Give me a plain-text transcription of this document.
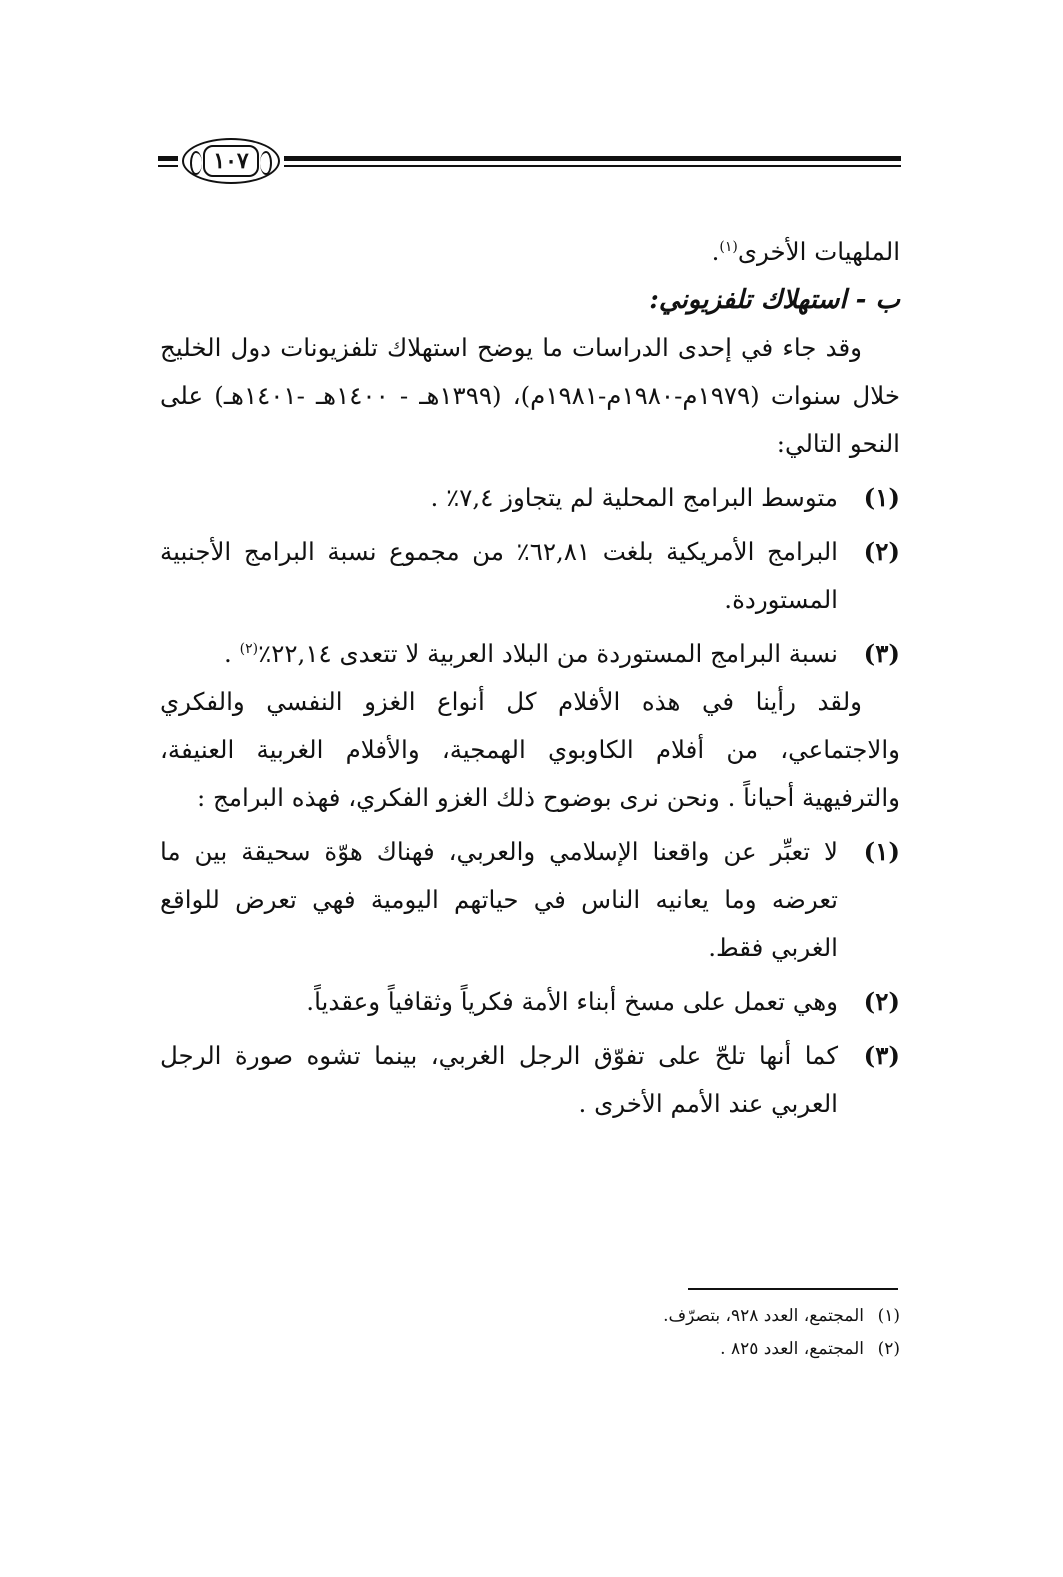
١٠٧

الملهيات الأخرى$^{(١)}$.

ب - استهلاك تلفزيوني:

وقد جاء في إحدى الدراسات ما يوضح استهلاك تلفزيونات دول الخليج خلال سنوات (١٩٧٩م-١٩٨٠م-١٩٨١م)، (١٣٩٩هـ - ١٤٠٠هـ -١٤٠١هـ) على النحو التالي:

(١)
متوسط البرامج المحلية لم يتجاوز ٧,٤٪ .
(٢)
البرامج الأمريكية بلغت ٦٢,٨١٪ من مجموع نسبة البرامج الأجنبية المستوردة.
(٣)
نسبة البرامج المستوردة من البلاد العربية لا تتعدى ٢٢,١٤٪$^{(٢)}$ .

ولقد رأينا في هذه الأفلام كل أنواع الغزو النفسي والفكري والاجتماعي، من أفلام الكاوبوي الهمجية، والأفلام الغربية العنيفة، والترفيهية أحياناً . ونحن نرى بوضوح ذلك الغزو الفكري، فهذه البرامج :

(١)
لا تعبِّر عن واقعنا الإسلامي والعربي، فهناك هوّة سحيقة بين ما تعرضه وما يعانيه الناس في حياتهم اليومية فهي تعرض للواقع الغربي فقط.
(٢)
وهي تعمل على مسخ أبناء الأمة فكرياً وثقافياً وعقدياً.
(٣)
كما أنها تلحّ على تفوّق الرجل الغربي، بينما تشوه صورة الرجل العربي عند الأمم الأخرى .
(١)
المجتمع، العدد ٩٢٨، بتصرّف.
(٢)
المجتمع، العدد ٨٢٥ .
